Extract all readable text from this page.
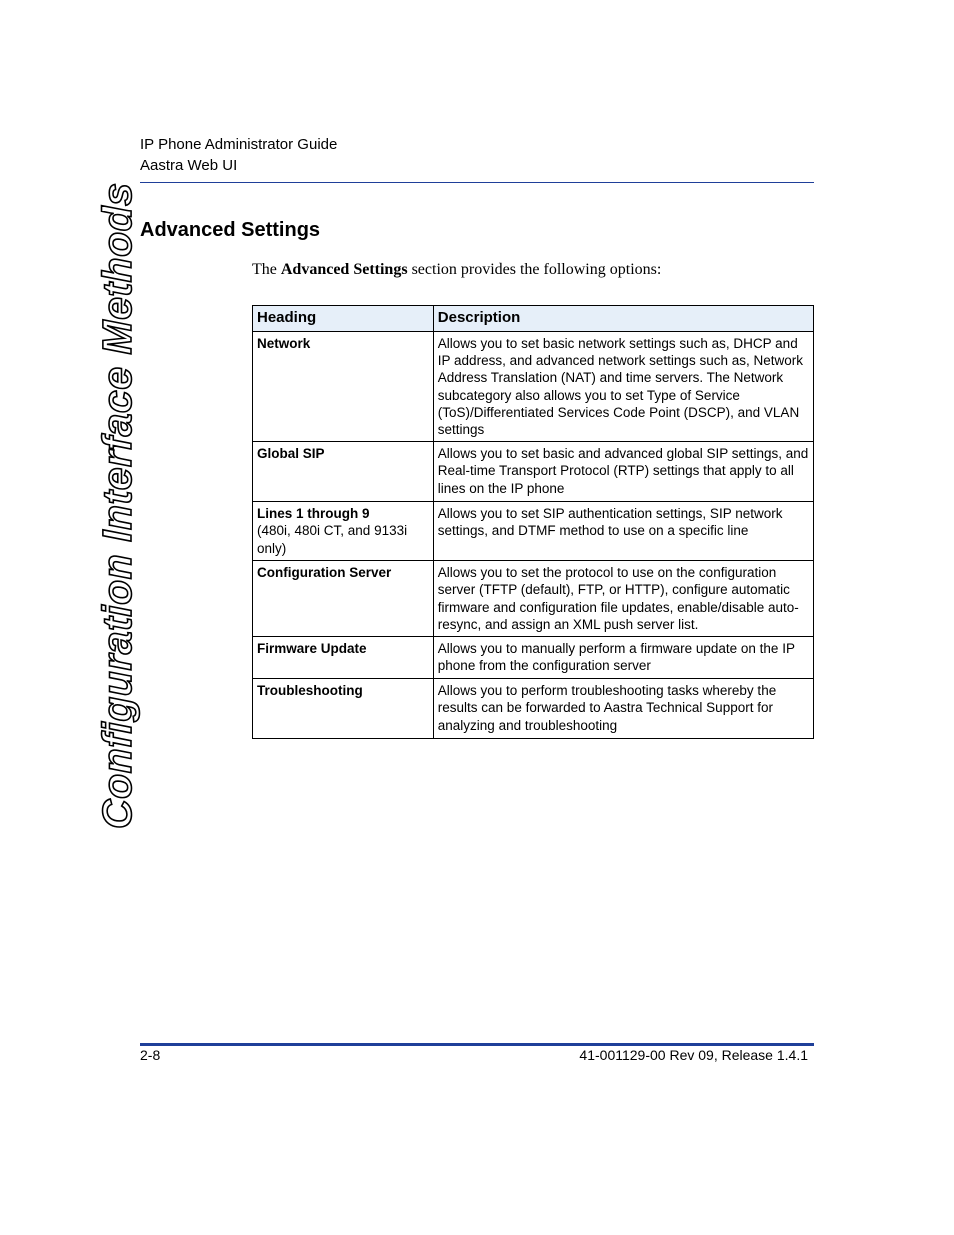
IP Phone Administrator Guide
Aastra Web UI
Configuration Interface Methods Advanced Settings
The Advanced Settings section provides the following options:
Heading	Description

Network	Allows you to set basic network settings such as, DHCP and IP address, and advanced network settings such as, Network Address Translation (NAT) and time servers. The Network subcategory also allows you to set Type of Service (ToS)/Differentiated Services Code Point (DSCP), and VLAN settings

Global SIP	Allows you to set basic and advanced global SIP settings, and Real-time Transport Protocol (RTP) settings that apply to all lines on the IP phone

Lines 1 through 9
(480i, 480i CT, and 9133i only)	Allows you to set SIP authentication settings, SIP network settings, and DTMF method to use on a specific line

Configuration Server	Allows you to set the protocol to use on the configuration server (TFTP (default), FTP, or HTTP), configure automatic firmware and configuration file updates, enable/disable auto-resync, and assign an XML push server list.

Firmware Update	Allows you to manually perform a firmware update on the IP phone from the configuration server

Troubleshooting	Allows you to perform troubleshooting tasks whereby the results can be forwarded to Aastra Technical Support for analyzing and troubleshooting
2-8	41-001129-00 Rev 09, Release 1.4.1
